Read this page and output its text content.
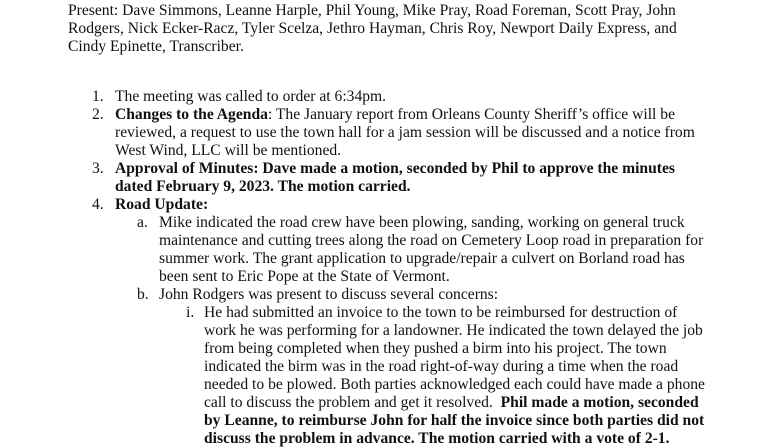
Present: Dave Simmons, Leanne Harple, Phil Young, Mike Pray, Road Foreman, Scott Pray, John
Rodgers, Nick Ecker-Racz, Tyler Scelza, Jethro Hayman, Chris Roy, Newport Daily Express, and
Cindy Epinette, Transcriber.
1. The meeting was called to order at 6:34pm.
2. Changes to the Agenda: The January report from Orleans County Sheriff’s office will be
reviewed, a request to use the town hall for a jam session will be discussed and a notice from
West Wind, LLC will be mentioned.
3. Approval of Minutes: Dave made a motion, seconded by Phil to approve the minutes
dated February 9, 2023. The motion carried.
4. Road Update:
a. Mike indicated the road crew have been plowing, sanding, working on general truck
maintenance and cutting trees along the road on Cemetery Loop road in preparation for
summer work. The grant application to upgrade/repair a culvert on Borland road has
been sent to Eric Pope at the State of Vermont.
b. John Rodgers was present to discuss several concerns:
i. He had submitted an invoice to the town to be reimbursed for destruction of
work he was performing for a landowner. He indicated the town delayed the job
from being completed when they pushed a birm into his project. The town
indicated the birm was in the road right-of-way during a time when the road
needed to be plowed. Both parties acknowledged each could have made a phone
call to discuss the problem and get it resolved.  Phil made a motion, seconded
by Leanne, to reimburse John for half the invoice since both parties did not
discuss the problem in advance. The motion carried with a vote of 2-1.
